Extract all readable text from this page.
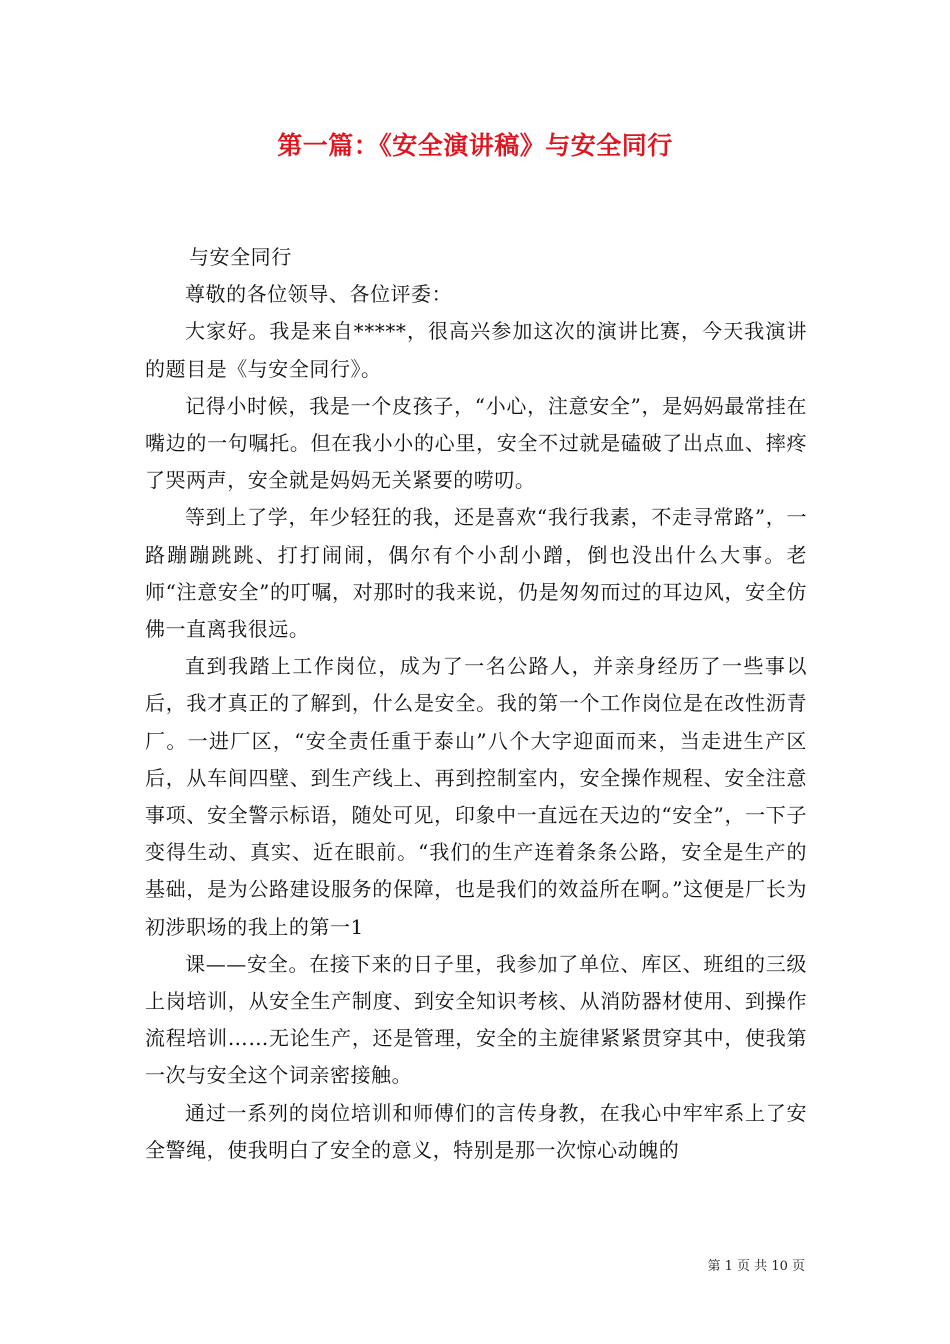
第一篇：《安全演讲稿》与安全同行

与安全同行

尊敬的各位领导、各位评委：

大家好。我是来自*****，很高兴参加这次的演讲比赛，今天我演讲的题目是《与安全同行》。

记得小时候，我是一个皮孩子，“小心，注意安全”，是妈妈最常挂在嘴边的一句嘱托。但在我小小的心里，安全不过就是磕破了出点血、摔疼了哭两声，安全就是妈妈无关紧要的唠叨。

等到上了学，年少轻狂的我，还是喜欢“我行我素，不走寻常路”，一路蹦蹦跳跳、打打闹闹，偶尔有个小刮小蹭，倒也没出什么大事。老师“注意安全”的叮嘱，对那时的我来说，仍是匆匆而过的耳边风，安全仿佛一直离我很远。

直到我踏上工作岗位，成为了一名公路人，并亲身经历了一些事以后，我才真正的了解到，什么是安全。我的第一个工作岗位是在改性沥青厂。一进厂区，“安全责任重于泰山”八个大字迎面而来，当走进生产区后，从车间四壁、到生产线上、再到控制室内，安全操作规程、安全注意事项、安全警示标语，随处可见，印象中一直远在天边的“安全”，一下子变得生动、真实、近在眼前。“我们的生产连着条条公路，安全是生产的基础，是为公路建设服务的保障，也是我们的效益所在啊。”这便是厂长为初涉职场的我上的第一1

课——安全。在接下来的日子里，我参加了单位、库区、班组的三级上岗培训，从安全生产制度、到安全知识考核、从消防器材使用、到操作流程培训……无论生产，还是管理，安全的主旋律紧紧贯穿其中，使我第一次与安全这个词亲密接触。

通过一系列的岗位培训和师傅们的言传身教，在我心中牢牢系上了安全警绳，使我明白了安全的意义，特别是那一次惊心动魄的

第 1 页 共 10 页
